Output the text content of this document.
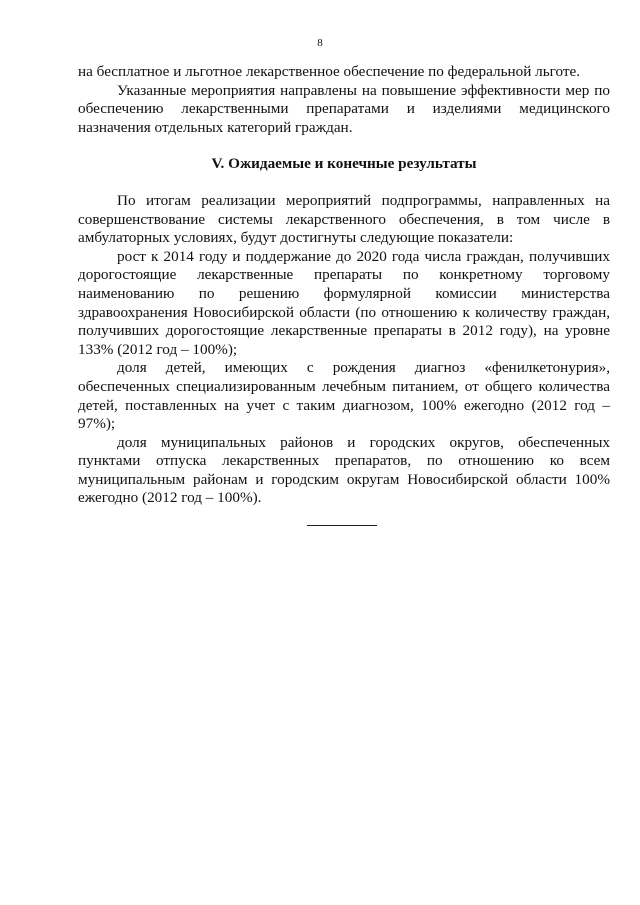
8

на бесплатное и льготное лекарственное обеспечение по федеральной льготе.

Указанные мероприятия направлены на повышение эффективности мер по обеспечению лекарственными препаратами и изделиями медицинского назначения отдельных категорий граждан.

V. Ожидаемые и конечные результаты

По итогам реализации мероприятий подпрограммы, направленных на совершенствование системы лекарственного обеспечения, в том числе в амбулаторных условиях, будут достигнуты следующие показатели:

рост к 2014 году и поддержание до 2020 года числа граждан, получивших дорогостоящие лекарственные препараты по конкретному торговому наименованию по решению формулярной комиссии министерства здравоохранения Новосибирской области (по отношению к количеству граждан, получивших дорогостоящие лекарственные препараты в 2012 году), на уровне 133% (2012 год – 100%);

доля детей, имеющих с рождения диагноз «фенилкетонурия», обеспеченных специализированным лечебным питанием, от общего количества детей, поставленных на учет с таким диагнозом, 100% ежегодно (2012 год – 97%);

доля муниципальных районов и городских округов, обеспеченных пунктами отпуска лекарственных препаратов, по отношению ко всем муниципальным районам и городским округам Новосибирской области 100% ежегодно (2012 год – 100%).
